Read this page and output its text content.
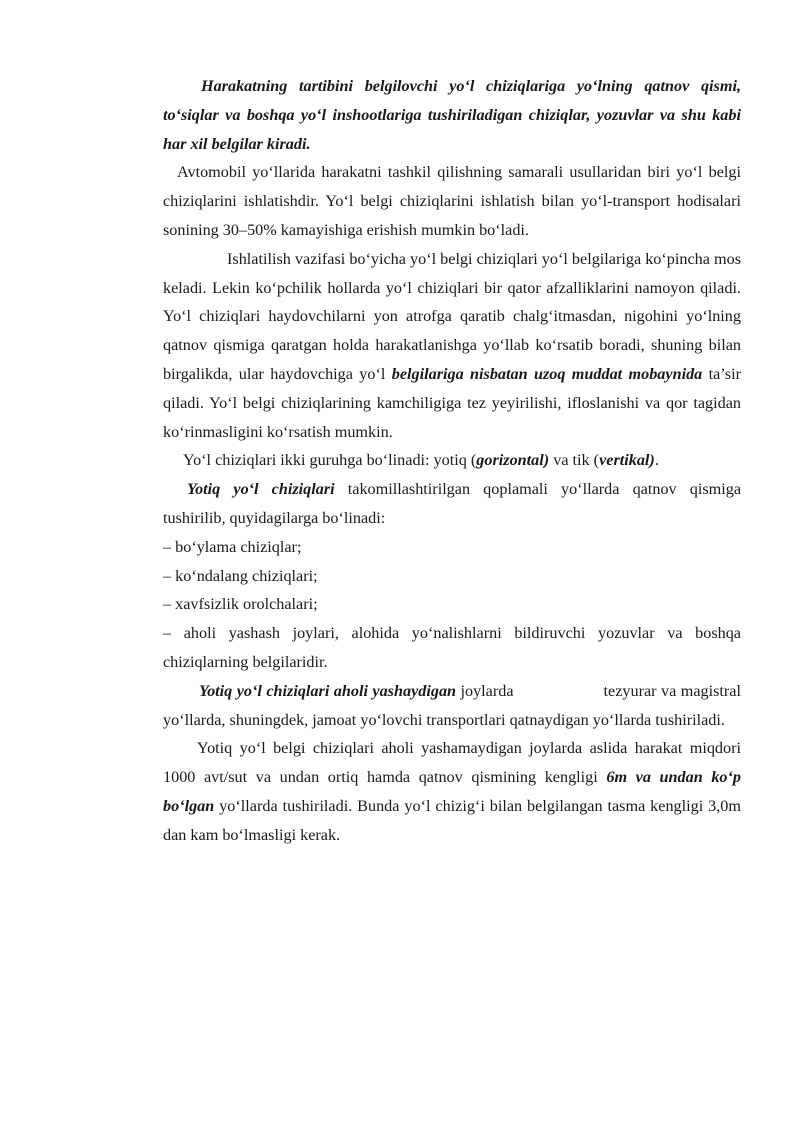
Harakatning tartibini belgilovchi yo‘l chiziqlariga yo‘lning qatnov qismi, to‘siqlar va boshqa yo‘l inshootlariga tushiriladigan chiziqlar, yozuvlar va shu kabi har xil belgilar kiradi.

Avtomobil yo‘llarida harakatni tashkil qilishning samarali usullaridan biri yo‘l belgi chiziqlarini ishlatishdir. Yo‘l belgi chiziqlarini ishlatish bilan yo‘l-transport hodisalari sonining 30–50% kamayishiga erishish mumkin bo‘ladi.

Ishlatilish vazifasi bo‘yicha yo‘l belgi chiziqlari yo‘l belgilariga ko‘pincha mos keladi. Lekin ko‘pchilik hollarda yo‘l chiziqlari bir qator afzalliklarini namoyon qiladi. Yo‘l chiziqlari haydovchilarni yon atrofga qaratib chalg‘itmasdan, nigohini yo‘lning qatnov qismiga qaratgan holda harakatlanishga yo‘llab ko‘rsatib boradi, shuning bilan birgalikda, ular haydovchiga yo‘l belgilariga nisbatan uzoq muddat mobaynida ta’sir qiladi. Yo‘l belgi chiziqlarining kamchiligiga tez yeyirilishi, ifloslanishi va qor tagidan ko‘rinmasligini ko‘rsatish mumkin.

Yo‘l chiziqlari ikki guruhga bo‘linadi: yotiq (gorizontal) va tik (vertikal).

Yotiq yo‘l chiziqlari takomillashtirilgan qoplamali yo‘llarda qatnov qismiga tushirilib, quyidagilarga bo‘linadi:

– bo‘ylama chiziqlar;

– ko‘ndalang chiziqlari;

– xavfsizlik orolchalari;

– aholi yashash joylari, alohida yo‘nalishlarni bildiruvchi yozuvlar va boshqa chiziqlarning belgilaridir.

Yotiq yo‘l chiziqlari aholi yashaydigan joylarda	tezyurar va magistral yo‘llarda, shuningdek, jamoat yo‘lovchi transportlari qatnaydigan yo‘llarda tushiriladi.

Yotiq yo‘l belgi chiziqlari aholi yashamaydigan joylarda aslida harakat miqdori 1000 avt/sut va undan ortiq hamda qatnov qismining kengligi 6m va undan ko‘p bo‘lgan yo‘llarda tushiriladi. Bunda yo‘l chizig‘i bilan belgilangan tasma kengligi 3,0m dan kam bo‘lmasligi kerak.
